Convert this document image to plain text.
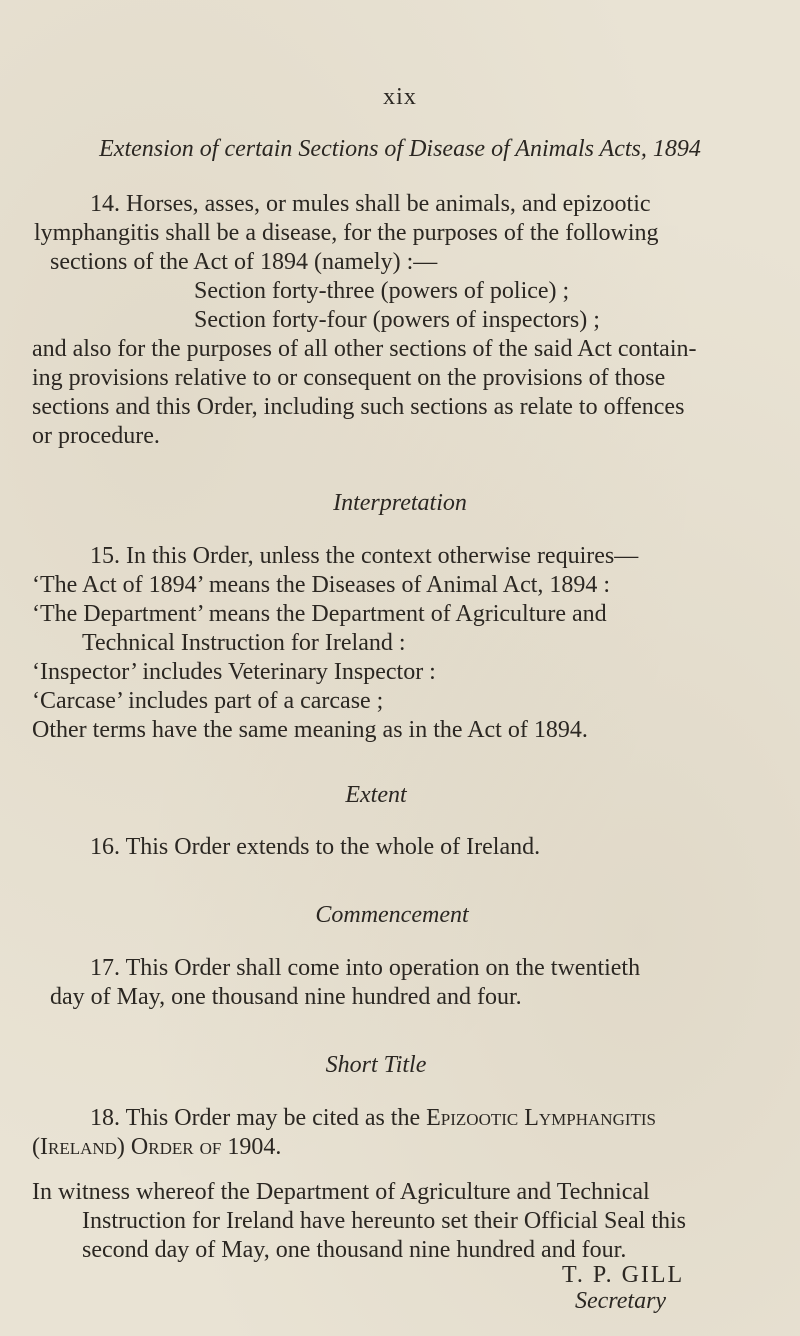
xix
Extension of certain Sections of Disease of Animals Acts, 1894
14. Horses, asses, or mules shall be animals, and epizootic
lymphangitis shall be a disease, for the purposes of the following
sections of the Act of 1894 (namely) :—
Section forty-three (powers of police) ;
Section forty-four (powers of inspectors) ;
and also for the purposes of all other sections of the said Act contain-
ing provisions relative to or consequent on the provisions of those
sections and this Order, including such sections as relate to offences
or procedure.
Interpretation
15. In this Order, unless the context otherwise requires—
‘The Act of 1894’ means the Diseases of Animal Act, 1894 :
‘The Department’ means the Department of Agriculture and
Technical Instruction for Ireland :
‘Inspector’ includes Veterinary Inspector :
‘Carcase’ includes part of a carcase ;
Other terms have the same meaning as in the Act of 1894.
Extent
16. This Order extends to the whole of Ireland.
Commencement
17. This Order shall come into operation on the twentieth
day of May, one thousand nine hundred and four.
Short Title
18. This Order may be cited as the Epizootic Lymphangitis
(Ireland) Order of 1904.
In witness whereof the Department of Agriculture and Technical
Instruction for Ireland have hereunto set their Official Seal this
second day of May, one thousand nine hundred and four.
T. P. GILL
Secretary
